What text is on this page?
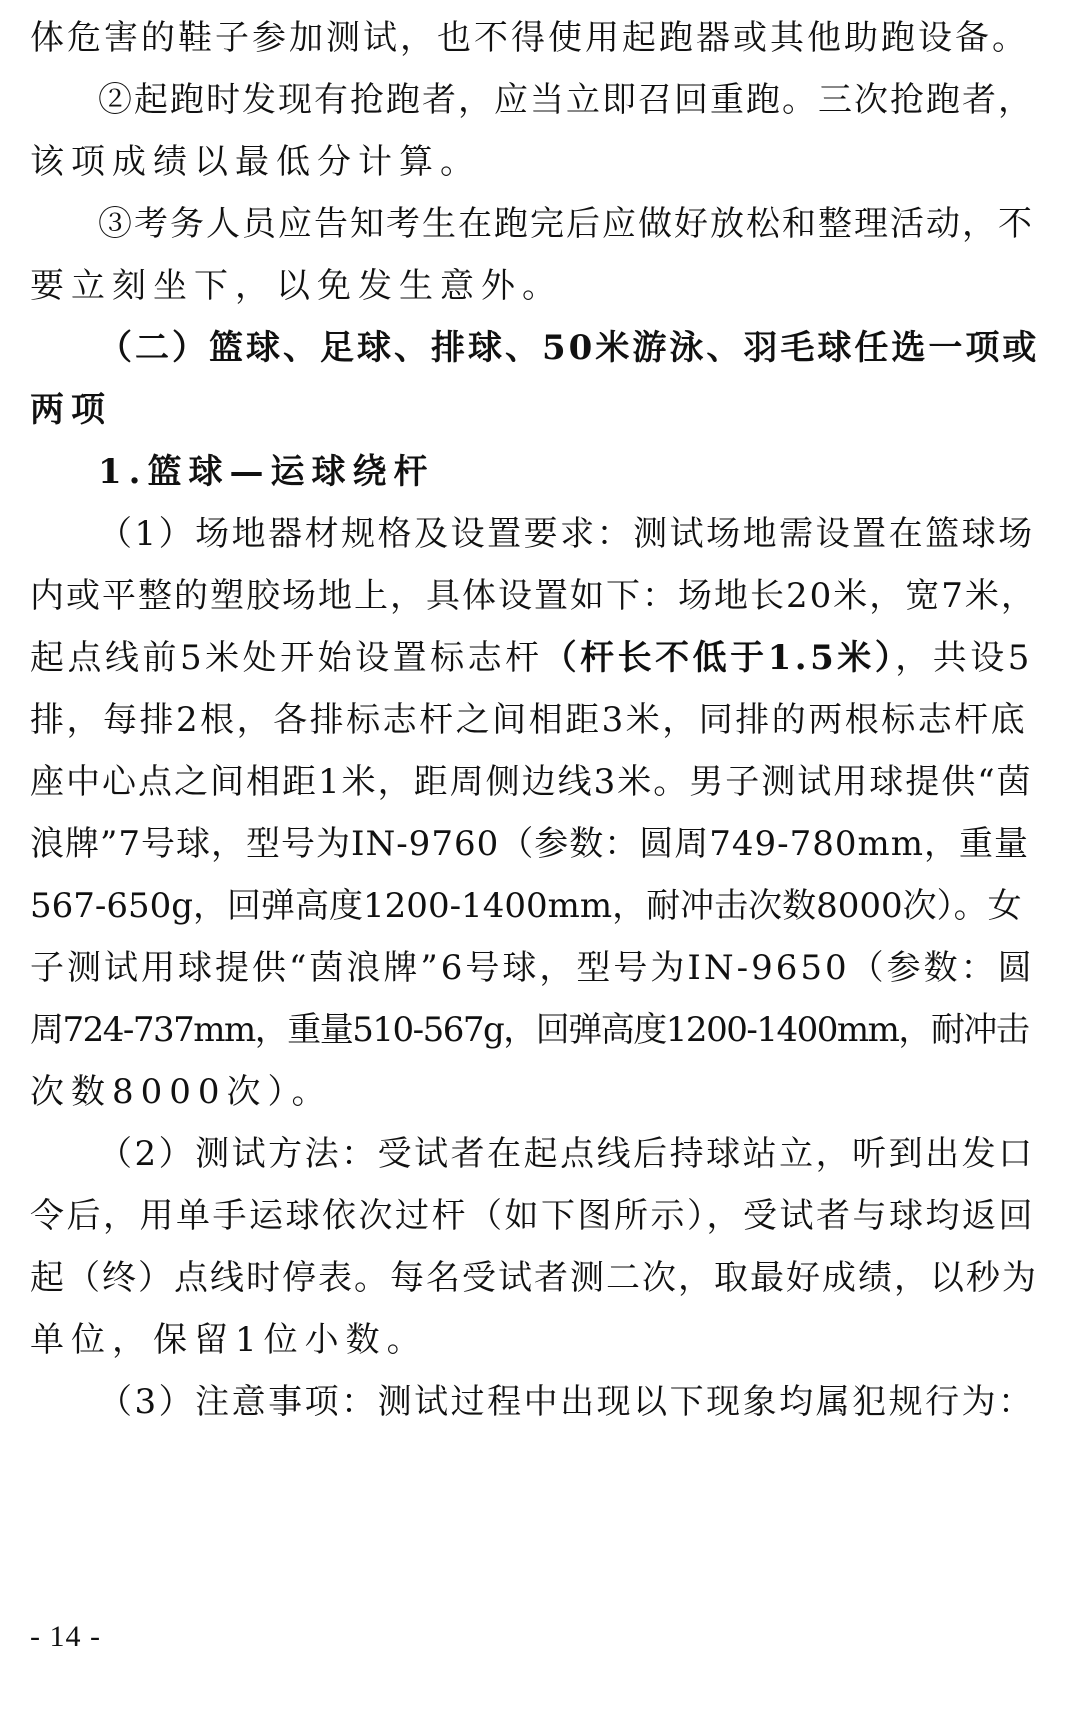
体危害的鞋子参加测试，也不得使用起跑器或其他助跑设备。
②起跑时发现有抢跑者，应当立即召回重跑。三次抢跑者，
该项成绩以最低分计算。
③考务人员应告知考生在跑完后应做好放松和整理活动，不
要立刻坐下，以免发生意外。
（二）篮球、足球、排球、50米游泳、羽毛球任选一项或
两项
1.篮球—运球绕杆
（1）场地器材规格及设置要求：测试场地需设置在篮球场
内或平整的塑胶场地上，具体设置如下：场地长20米，宽7米，
起点线前5米处开始设置标志杆（杆长不低于1.5米），共设5
排，每排2根，各排标志杆之间相距3米，同排的两根标志杆底
座中心点之间相距1米，距周侧边线3米。男子测试用球提供“茵
浪牌”7号球，型号为IN-9760（参数：圆周749-780mm，重量
567-650g，回弹高度1200-1400mm，耐冲击次数8000次）。女
子测试用球提供“茵浪牌”6号球，型号为IN-9650（参数：圆
周724-737mm，重量510-567g，回弹高度1200-1400mm，耐冲击
次数8000次）。
（2）测试方法：受试者在起点线后持球站立，听到出发口
令后，用单手运球依次过杆（如下图所示），受试者与球均返回
起（终）点线时停表。每名受试者测二次，取最好成绩，以秒为
单位，保留1位小数。
（3）注意事项：测试过程中出现以下现象均属犯规行为：
- 14 -
